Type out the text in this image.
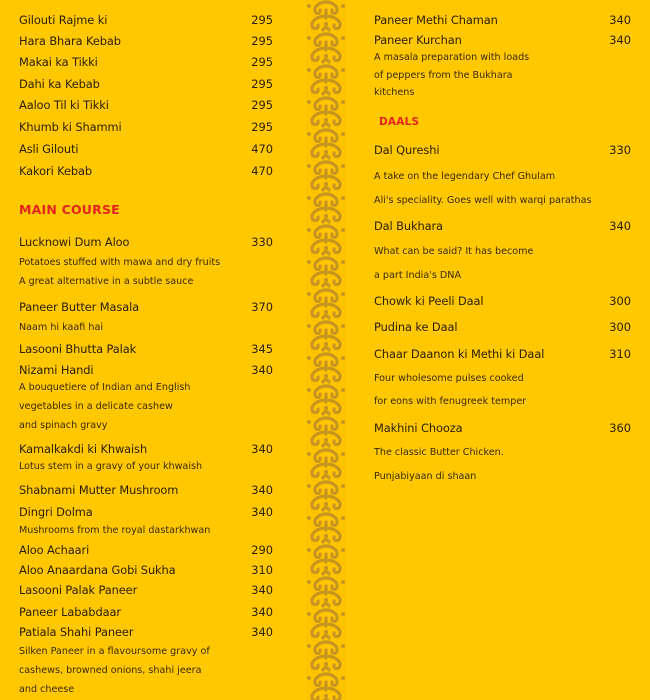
Gilouti Rajme ki	295
Hara Bhara Kebab	295
Makai ka Tikki	295
Dahi ka Kebab	295
Aaloo Til ki Tikki	295
Khumb ki Shammi	295
Asli Gilouti	470
Kakori Kebab	470
MAIN COURSE
Lucknowi Dum Aloo	330
Potatoes stuffed with mawa and dry fruits
A great alternative in a subtle sauce
Paneer Butter Masala	370
Naam hi kaafi hai
Lasooni Bhutta Palak	345
Nizami Handi	340
A bouquetiere of Indian and English
vegetables in a delicate cashew
and spinach gravy
Kamalkakdi ki Khwaish	340
Lotus stem in a gravy of your khwaish
Shabnami Mutter Mushroom	340
Dingri Dolma	340
Mushrooms from the royal dastarkhwan
Aloo Achaari	290
Aloo Anaardana Gobi Sukha	310
Lasooni Palak Paneer	340
Paneer Lababdaar	340
Patiala Shahi Paneer	340
Silken Paneer in a flavoursome gravy of
cashews, browned onions, shahi jeera
and cheese
Paneer Methi Chaman	340
Paneer Kurchan	340
A masala preparation with loads
of peppers from the Bukhara
kitchens
DAALS
Dal Qureshi	330
A take on the legendary Chef Ghulam
Ali's speciality. Goes well with warqi parathas
Dal Bukhara	340
What can be said? It has become
a part India's DNA
Chowk ki Peeli Daal	300
Pudina ke Daal	300
Chaar Daanon ki Methi ki Daal	310
Four wholesome pulses cooked
for eons with fenugreek temper
Makhini Chooza	360
The classic Butter Chicken.
Punjabiyaan di shaan
